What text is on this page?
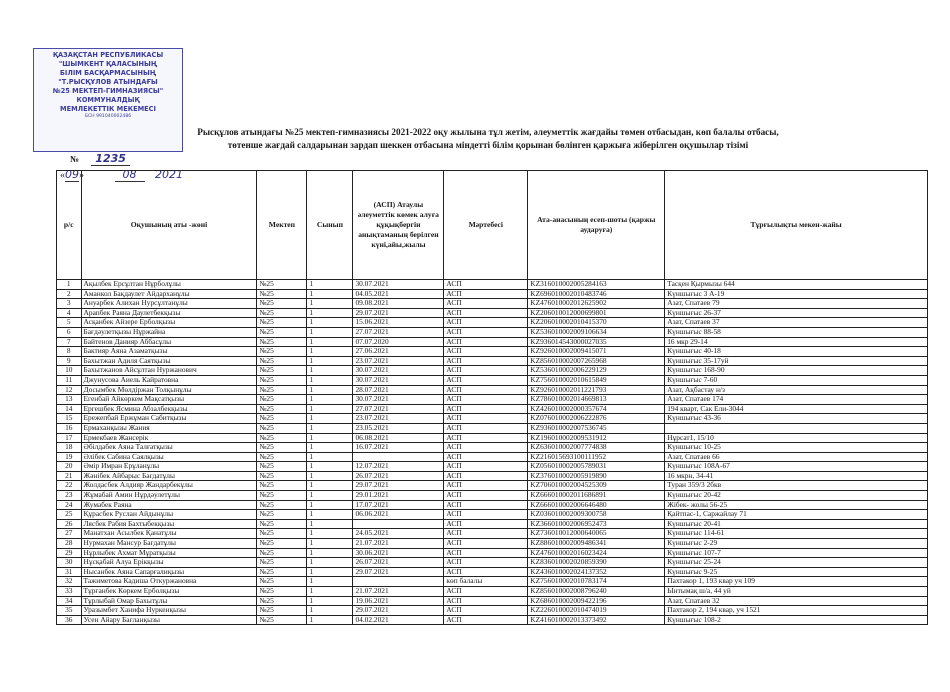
ҚАЗАҚСТАН РЕСПУБЛИКАСЫ
"ШЫМКЕНТ ҚАЛАСЫНЫҢ
БІЛІМ БАСҚАРМАСЫНЫҢ
"Т.РЫСҚҰЛОВ АТЫНДАҒЫ
№25 МЕКТЕП-ГИМНАЗИЯСЫ"
КОММУНАЛДЫҚ
МЕМЛЕКЕТТІК МЕКЕМЕСІ
БСН 991040002486
Рысқұлов атындағы №25 мектеп-гимназиясы 2021-2022 оқу жылына тұл жетім, әлеуметтік жағдайы төмен отбасыдан, көп балалы отбасы,
төтенше жағдай салдарынан зардап шеккен отбасына міндетті білім қорынан бөлінген қаржыға жіберілген оқушылар тізімі
№ 1235
«09»	08 2021
р/с	Оқушының аты -жөні	Мектеп	Сынып	(АСП) Атаулы әлеуметтік көмек алуға құқықбергін анықтаманың берілген күні,айы,жылы	Мәртебесі	Ата-анасының есеп-шоты (қаржы аударуға)	Тұрғылықты мекен-жайы
1	Ақылбек Ерсұлтан Нұрболұлы	№25	1	30.07.2021	АСП	KZ316010002005284163	Тасқен Қырмызы 644
2	Аманкол Бақдаулет Айдарханұлы	№25	1	04.05.2021	АСП	KZ696010002010483746	Күншығыс 3 А-19
3	Ануарбек Алихан Нурсұлтанұлы	№25	1	09.08.2021	АСП	KZ476010002012625902	Азат, Спатаев 79
4	Арапбек Раяна Даулетбекқызы	№25	1	29.07.2021	АСП	KZ206010012000699801	Күншығыс 26-37
5	Асқанбек Айзере Ерболқызы	№25	1	15.06.2021	АСП	KZ206010002010415370	Азат, Спатаев 37
6	Бағдәулетқызы Нұржайна	№25	1	27.07.2021	АСП	KZ536010002009106634	Күншығыс 88-58
7	Байтенов Данияр Аббасұлы	№25	1	07.07.2020	АСП	KZ936014543000027035	16 мкр 29-14
8	Бактияр Аяна Азаматқызы	№25	1	27.06.2021	АСП	KZ926010002009415071	Күншығыс 40-18
9	Бахытжан Адиля Саятқызы	№25	1	23.07.2021	АСП	KZ856010002007265968	Күншығыс 35-17уй
10	Бахытжанов Айсұлтан Нуржанович	№25	1	30.07.2021	АСП	KZ536010002006229129	Күншығыс 168-90
11	Джунусова Аиель Кайратовна	№25	1	30.07.2021	АСП	KZ756010002010615849	Күншығыс 7-60
12	Досымбек Мөлдіржан Толқынұлы	№25	1	28.07.2021	АСП	KZ926010002011221793	Азат, Ақбастау н/з
13	Егенбай Айкөркем Мақсатқызы	№25	1	30.07.2021	АСП	KZ786010002014669813	Азат, Спатаев 174
14	Ергешбек Ясмина Абзалбекқызы	№25	1	27.07.2021	АСП	KZ426010002000357674	194 кварт, Сак Ели-3044
15	Ережепбай Ержұман Сабитқызы	№25	1	23.07.2021	АСП	KZ076010002006222876	Күншығыс 43-36
16	Ермаханқызы Жания	№25	1	23.05.2021	АСП	KZ936010002007536745	
17	Ермекбаев Жансерік	№25	1	06.08.2021	АСП	KZ196010002009531912	Нұрсат1, 15/10
18	Әбілдабек Аяна Талғатқызы	№25	1	16.07.2021	АСП	KZ636010002007774838	Күншығыс 10-25
19	Әлібек Сабина Саялқызы	№25	1		АСП	KZ216015693100111952	Азат, Спатаев 66
20	Әмір Имран Ерұланұлы	№25	1	12.07.2021	АСП	KZ056010002005789031	Күншығыс 108А-67
21	Жәнібек Айбарыс Бағдатұлы	№25	1	26.07.2021	АСП	KZ376010002005919890	16 мкрн, 34-41
22	Жолдасбек Алдияр Жандарбекұлы	№25	1	29.07.2021	АСП	KZ706010002004525309	Туран 359/3 2бкв
23	Жұмабай Амин Нұрдәулетұлы	№25	1	29.01.2021	АСП	KZ666010002011686891	Күншығыс 20-42
24	Жумабек Раяна	№25	1	17.07.2021	АСП	KZ666010002006646480	Жібек- жолы 56-25
25	Құрасбек Руслан Айдынұлы	№25	1	06.06.2021	АСП	KZ036010002009300758	Қайтпас-1, Саржайлау 71
26	Лясбек Рабия Бахтыбекқызы	№25	1		АСП	KZ366010002006952473	Күншығыс 20-41
27	Манатхан Асылбек Қанатұлы	№25	1	24.05.2021	АСП	KZ736010012000640065	Күншығыс 114-61
28	Нурмахан Мансур Бағдатұлы	№25	1	21.07.2021	АСП	KZ886010002009486341	Күншығыс 2-29
29	Нұрлыбек Ахмат Мұратқызы	№25	1	30.06.2021	АСП	KZ476010002016023424	Күншығыс 107-7
30	Нұсқабай Алуа Ерікқызы	№25	1	26.07.2021	АСП	KZ836010002020859390	Күншығыс 25-24
31	Нысанбек Аяна Сапарғалиқызы	№25	1	29.07.2021	АСП	KZ436010002024137352	Күншығыс 9-25
32	Тажиметова Кадиша Откуржановна	№25	1		көп балалы	KZ756010002010783174	Пахтакор 1, 193 квар уч 109
33	Тұрғанбек Көркем Ерболқызы	№25	1	21.07.2021	АСП	KZ856010002008796240	Ынтымақ ш/а, 44 уй
34	Тұрлыбай Омар Бахытұлы	№25	1	19.06.2021	АСП	KZ686010002009422196	Азат, Спатаев 32
35	Уразымбет Ханифа Нуркенқызы	№25	1	29.07.2021	АСП	KZ226010002010474019	Пахтакор 2, 194 квар, уч 1521
36	Усен Айару Бағланқызы	№25	1	04.02.2021	АСП	KZ416010002013373492	Күншығыс 108-2
